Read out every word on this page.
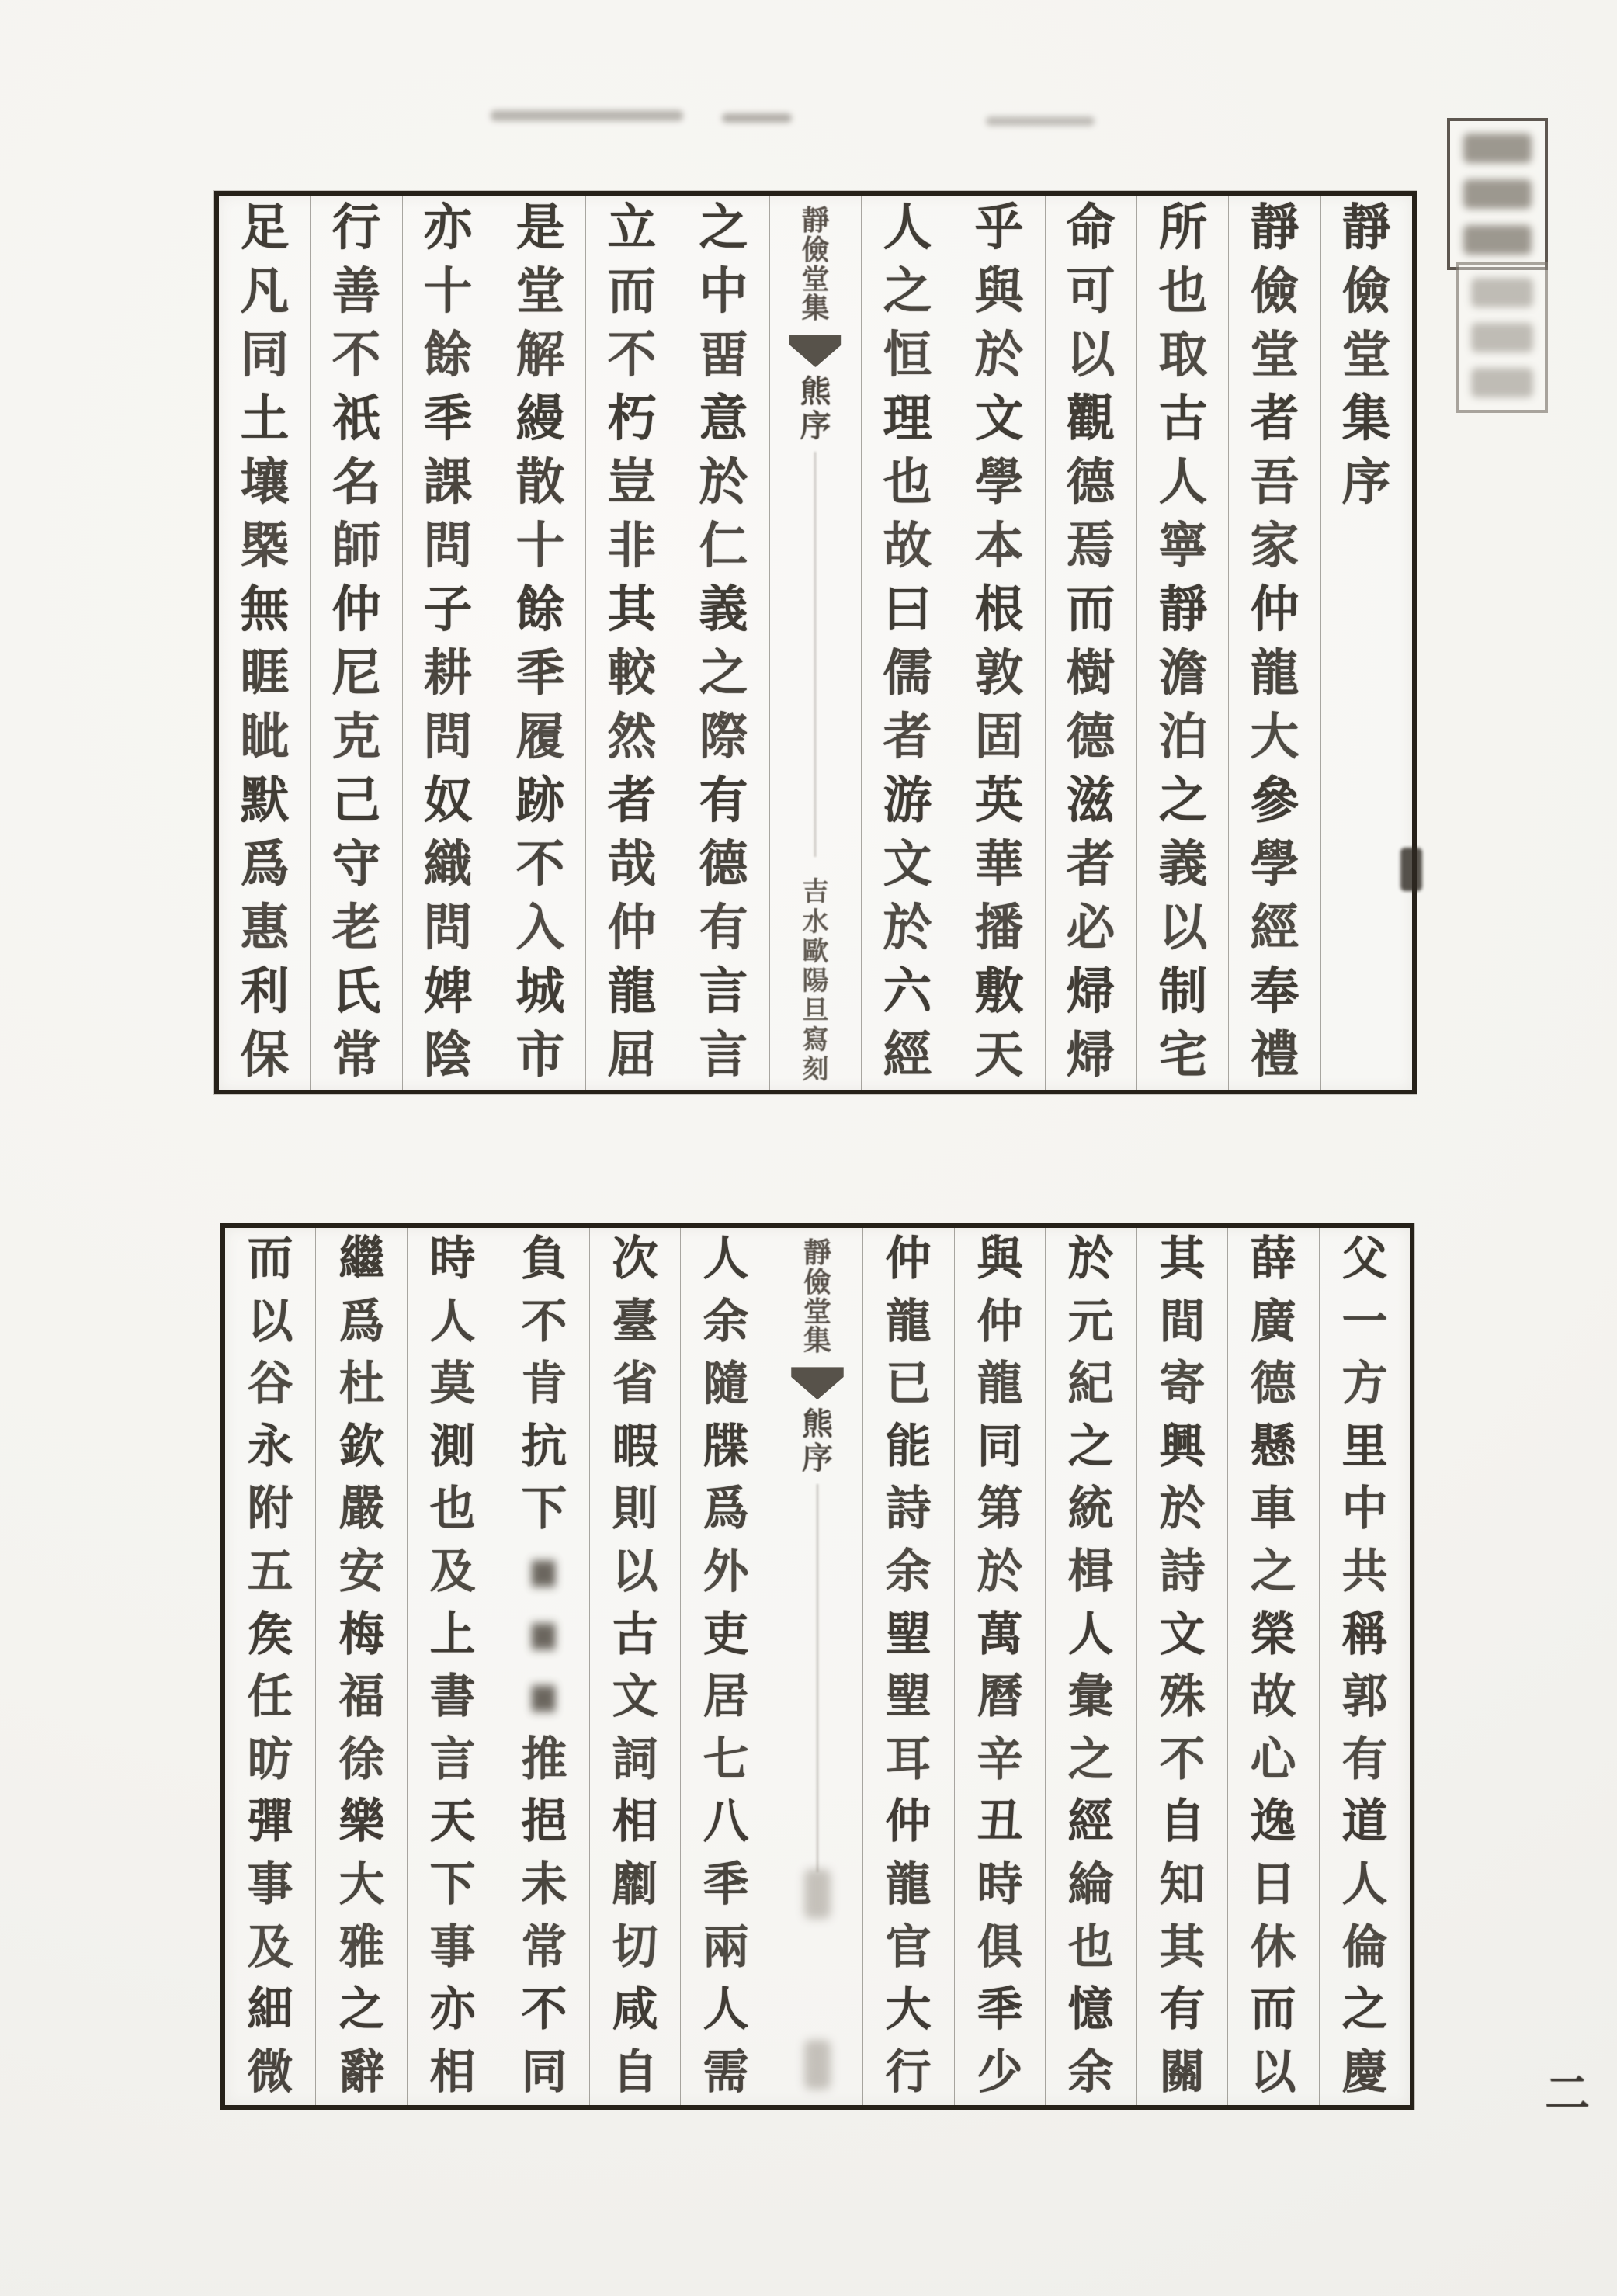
靜
儉
堂
集
序
靜
儉
堂
者
吾
家
仲
龍
大
參
學
經
奉
禮
所
也
取
古
人
寧
靜
澹
泊
之
義
以
制
宅
命
可
以
觀
德
焉
而
樹
德
滋
者
必
㷌
㷌
乎
與
於
文
學
本
根
敦
固
英
華
播
敷
天
人
之
恒
理
也
故
曰
儒
者
游
文
於
六
經
靜
儉
堂
集
熊
序
吉
水
歐
陽
旦
寫
刻
之
中
畱
意
於
仁
義
之
際
有
德
有
言
言
立
而
不
朽
豈
非
其
較
然
者
哉
仲
龍
屈
是
堂
解
縵
散
十
餘
秊
履
跡
不
入
城
市
亦
十
餘
秊
課
問
子
耕
問
奴
織
問
婢
陰
行
善
不
祇
名
師
仲
尼
克
己
守
老
氏
常
足
凡
同
土
壤
槩
無
睚
眦
默
爲
惠
利
保
父
一
方
里
中
共
稱
郭
有
道
人
倫
之
慶
薛
廣
德
懸
車
之
榮
故
心
逸
日
休
而
以
其
間
寄
興
於
詩
文
殊
不
自
知
其
有
關
於
元
紀
之
統
楫
人
彙
之
經
綸
也
憶
余
與
仲
龍
同
第
於
萬
曆
辛
丑
時
俱
秊
少
仲
龍
已
能
詩
余
朢
朢
耳
仲
龍
官
大
行
靜
儉
堂
集
熊
序
人
余
隨
牒
爲
外
吏
居
七
八
秊
兩
人
需
次
臺
省
暇
則
以
古
文
詞
相
劘
切
咸
自
負
不
肯
抗
下
■
■
■
推
挹
未
常
不
同
時
人
莫
測
也
及
上
書
言
天
下
事
亦
相
繼
爲
杜
欽
嚴
安
梅
福
徐
樂
大
雅
之
辭
而
以
谷
永
附
五
矦
任
昉
彈
事
及
細
微	二
